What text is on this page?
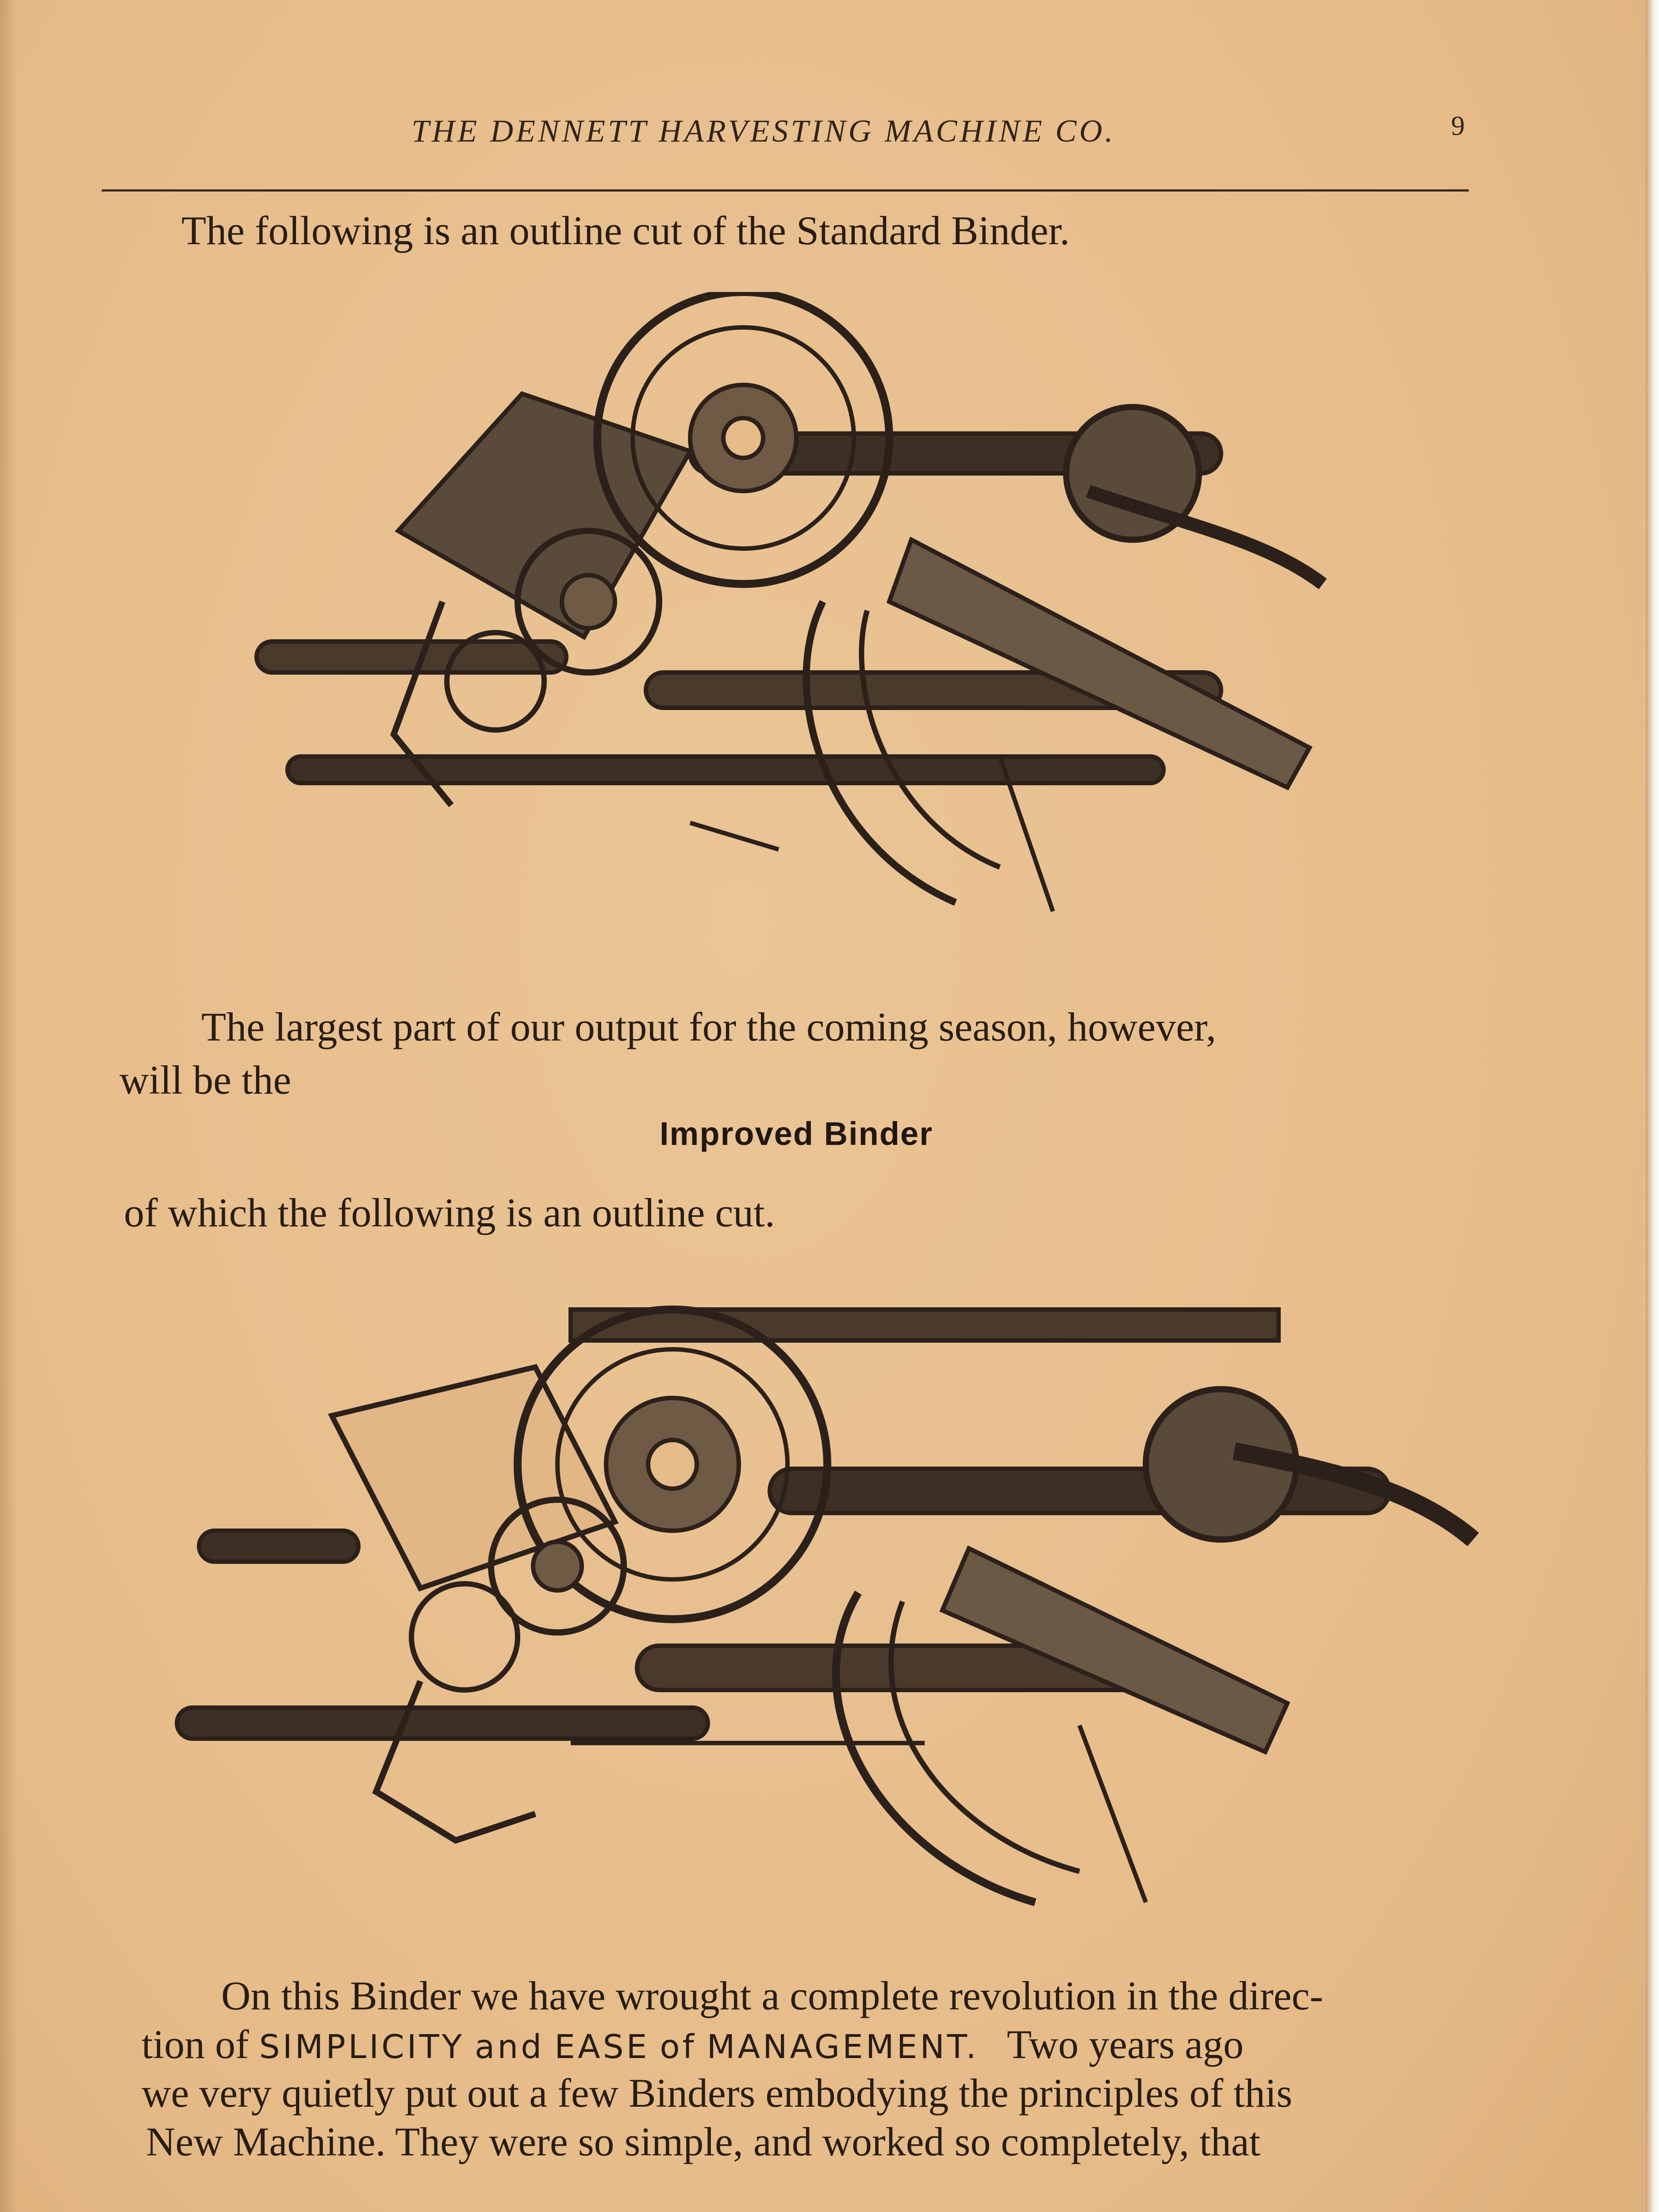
THE DENNETT HARVESTING MACHINE CO.	9
The following is an outline cut of the Standard Binder.
The largest part of our output for the coming season, however,
will be the
Improved Binder
of which the following is an outline cut.
On this Binder we have wrought a complete revolution in the direc-
tion of SIMPLICITY and EASE of MANAGEMENT. Two years ago
we very quietly put out a few Binders embodying the principles of this
New Machine. They were so simple, and worked so completely, that
